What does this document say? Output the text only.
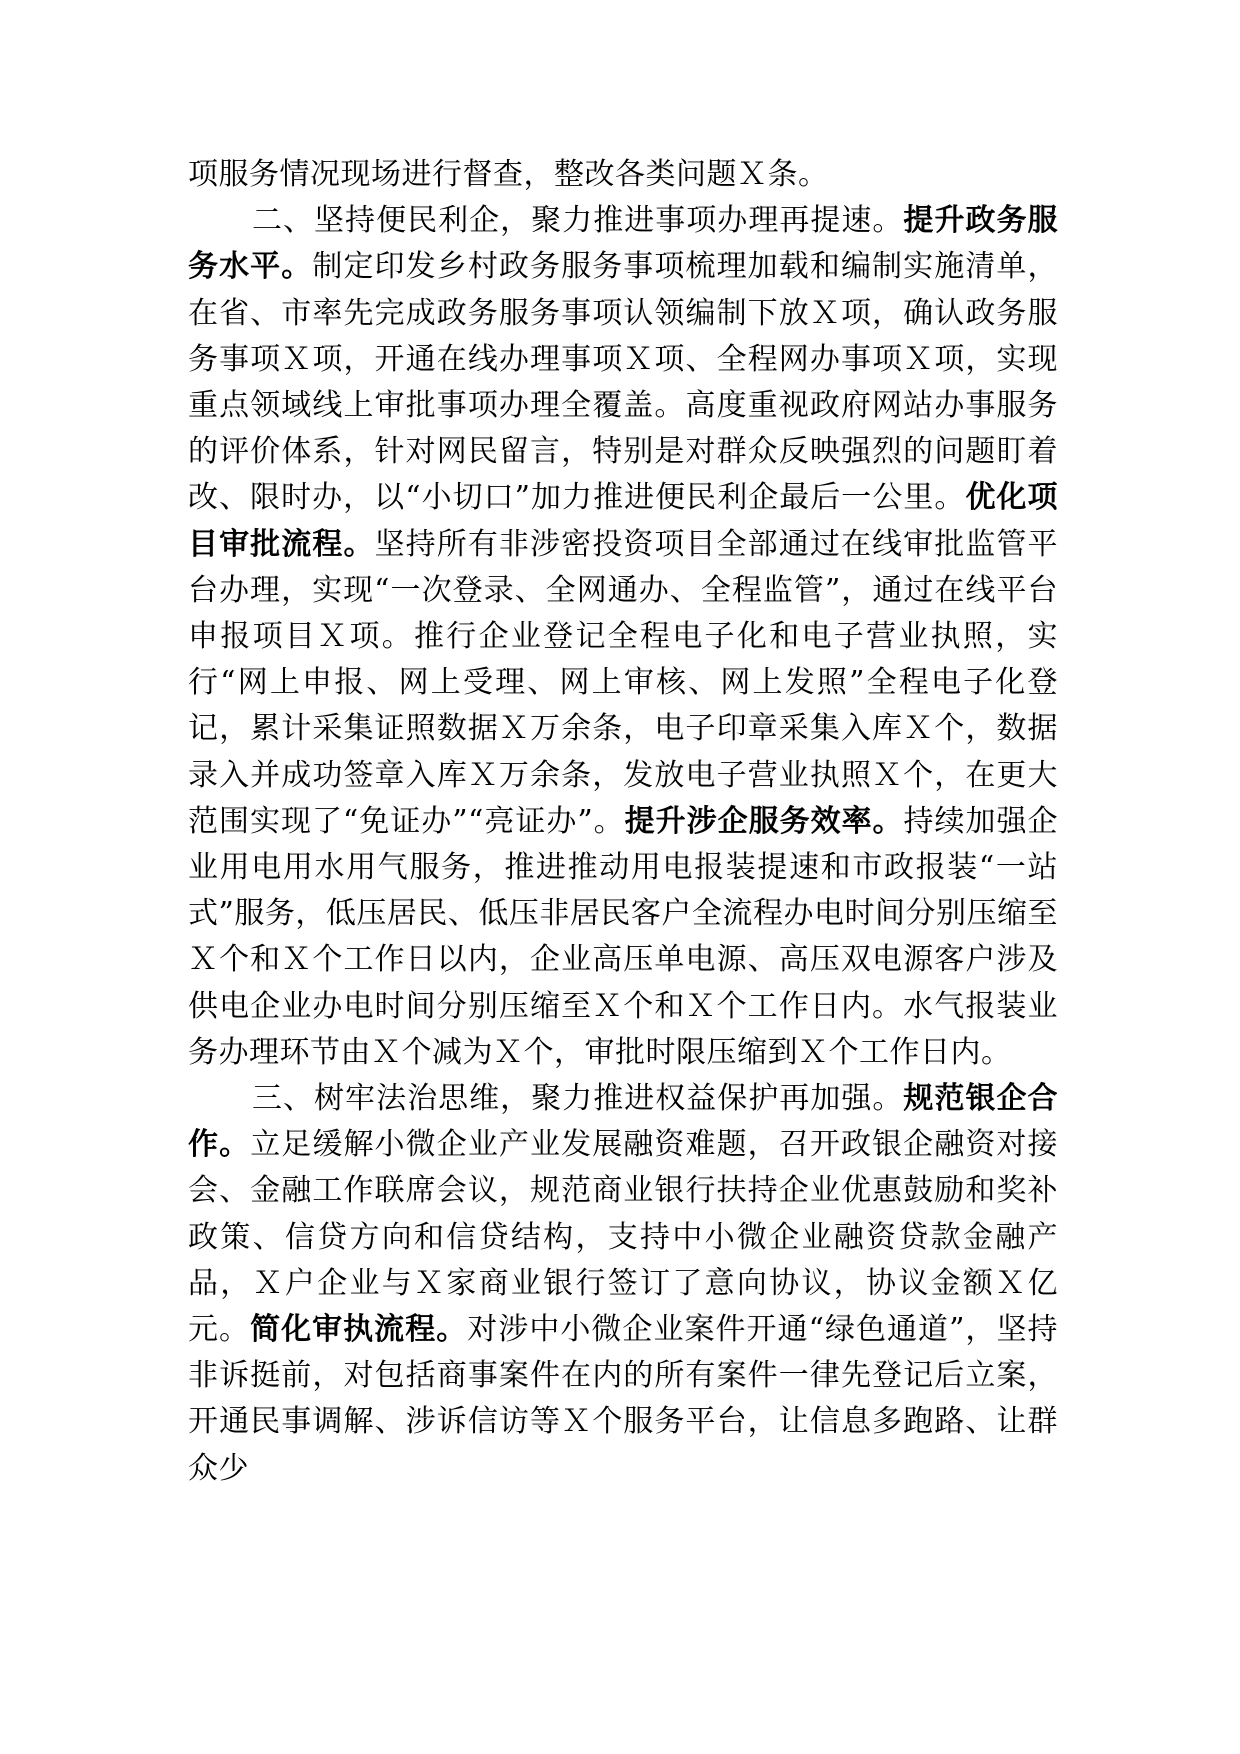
项服务情况现场进行督查，整改各类问题Ｘ条。

二、坚持便民利企，聚力推进事项办理再提速。提升政务服务水平。制定印发乡村政务服务事项梳理加载和编制实施清单，在省、市率先完成政务服务事项认领编制下放Ｘ项，确认政务服务事项Ｘ项，开通在线办理事项Ｘ项、全程网办事项Ｘ项，实现重点领域线上审批事项办理全覆盖。高度重视政府网站办事服务的评价体系，针对网民留言，特别是对群众反映强烈的问题盯着改、限时办，以“小切口”加力推进便民利企最后一公里。优化项目审批流程。坚持所有非涉密投资项目全部通过在线审批监管平台办理，实现“一次登录、全网通办、全程监管”，通过在线平台申报项目Ｘ项。推行企业登记全程电子化和电子营业执照，实行“网上申报、网上受理、网上审核、网上发照”全程电子化登记，累计采集证照数据Ｘ万余条，电子印章采集入库Ｘ个，数据录入并成功签章入库Ｘ万余条，发放电子营业执照Ｘ个，在更大范围实现了“免证办”“亮证办”。提升涉企服务效率。持续加强企业用电用水用气服务，推进推动用电报装提速和市政报装“一站式”服务，低压居民、低压非居民客户全流程办电时间分别压缩至Ｘ个和Ｘ个工作日以内，企业高压单电源、高压双电源客户涉及供电企业办电时间分别压缩至Ｘ个和Ｘ个工作日内。水气报装业务办理环节由Ｘ个减为Ｘ个，审批时限压缩到Ｘ个工作日内。

三、树牢法治思维，聚力推进权益保护再加强。规范银企合作。立足缓解小微企业产业发展融资难题，召开政银企融资对接会、金融工作联席会议，规范商业银行扶持企业优惠鼓励和奖补政策、信贷方向和信贷结构，支持中小微企业融资贷款金融产品，Ｘ户企业与Ｘ家商业银行签订了意向协议，协议金额Ｘ亿元。简化审执流程。对涉中小微企业案件开通“绿色通道”，坚持非诉挺前，对包括商事案件在内的所有案件一律先登记后立案，开通民事调解、涉诉信访等Ｘ个服务平台，让信息多跑路、让群众少
